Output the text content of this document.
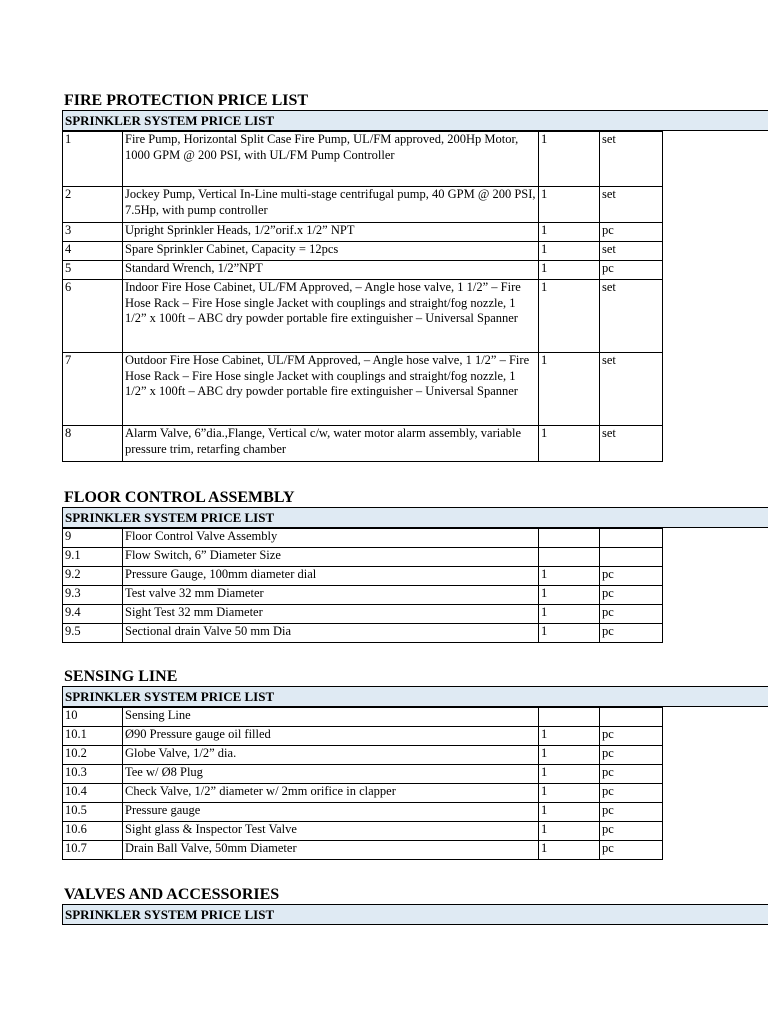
FIRE PROTECTION PRICE LIST
SPRINKLER SYSTEM PRICE LIST
1	Fire Pump, Horizontal Split Case Fire Pump, UL/FM approved, 200Hp Motor, 1000 GPM @ 200 PSI, with UL/FM Pump Controller	1	set
2	Jockey Pump, Vertical In-Line multi-stage centrifugal pump, 40 GPM @ 200 PSI, 7.5Hp, with pump controller	1	set
3	Upright Sprinkler Heads, 1/2”orif.x 1/2” NPT	1	pc
4	Spare Sprinkler Cabinet, Capacity = 12pcs	1	set
5	Standard Wrench, 1/2”NPT	1	pc
6	Indoor Fire Hose Cabinet, UL/FM Approved, – Angle hose valve, 1 1/2” – Fire Hose Rack – Fire Hose single Jacket with couplings and straight/fog nozzle, 1 1/2” x 100ft – ABC dry powder portable fire extinguisher – Universal Spanner	1	set
7	Outdoor Fire Hose Cabinet, UL/FM Approved, – Angle hose valve, 1 1/2” – Fire Hose Rack – Fire Hose single Jacket with couplings and straight/fog nozzle, 1 1/2” x 100ft – ABC dry powder portable fire extinguisher – Universal Spanner	1	set
8	Alarm Valve, 6”dia.,Flange, Vertical c/w, water motor alarm assembly, variable pressure trim, retarfing chamber	1	set
FLOOR CONTROL ASSEMBLY
SPRINKLER SYSTEM PRICE LIST
9	Floor Control Valve Assembly		
9.1	Flow Switch, 6” Diameter Size		
9.2	Pressure Gauge, 100mm diameter dial	1	pc
9.3	Test valve 32 mm Diameter	1	pc
9.4	Sight Test 32 mm Diameter	1	pc
9.5	Sectional drain Valve 50 mm Dia	1	pc
SENSING LINE
SPRINKLER SYSTEM PRICE LIST
10	Sensing Line		
10.1	Ø90 Pressure gauge oil filled	1	pc
10.2	Globe Valve, 1/2” dia.	1	pc
10.3	Tee w/ Ø8 Plug	1	pc
10.4	Check Valve, 1/2” diameter w/ 2mm orifice in clapper	1	pc
10.5	Pressure gauge	1	pc
10.6	Sight glass & Inspector Test Valve	1	pc
10.7	Drain Ball Valve, 50mm Diameter	1	pc
VALVES AND ACCESSORIES
SPRINKLER SYSTEM PRICE LIST
